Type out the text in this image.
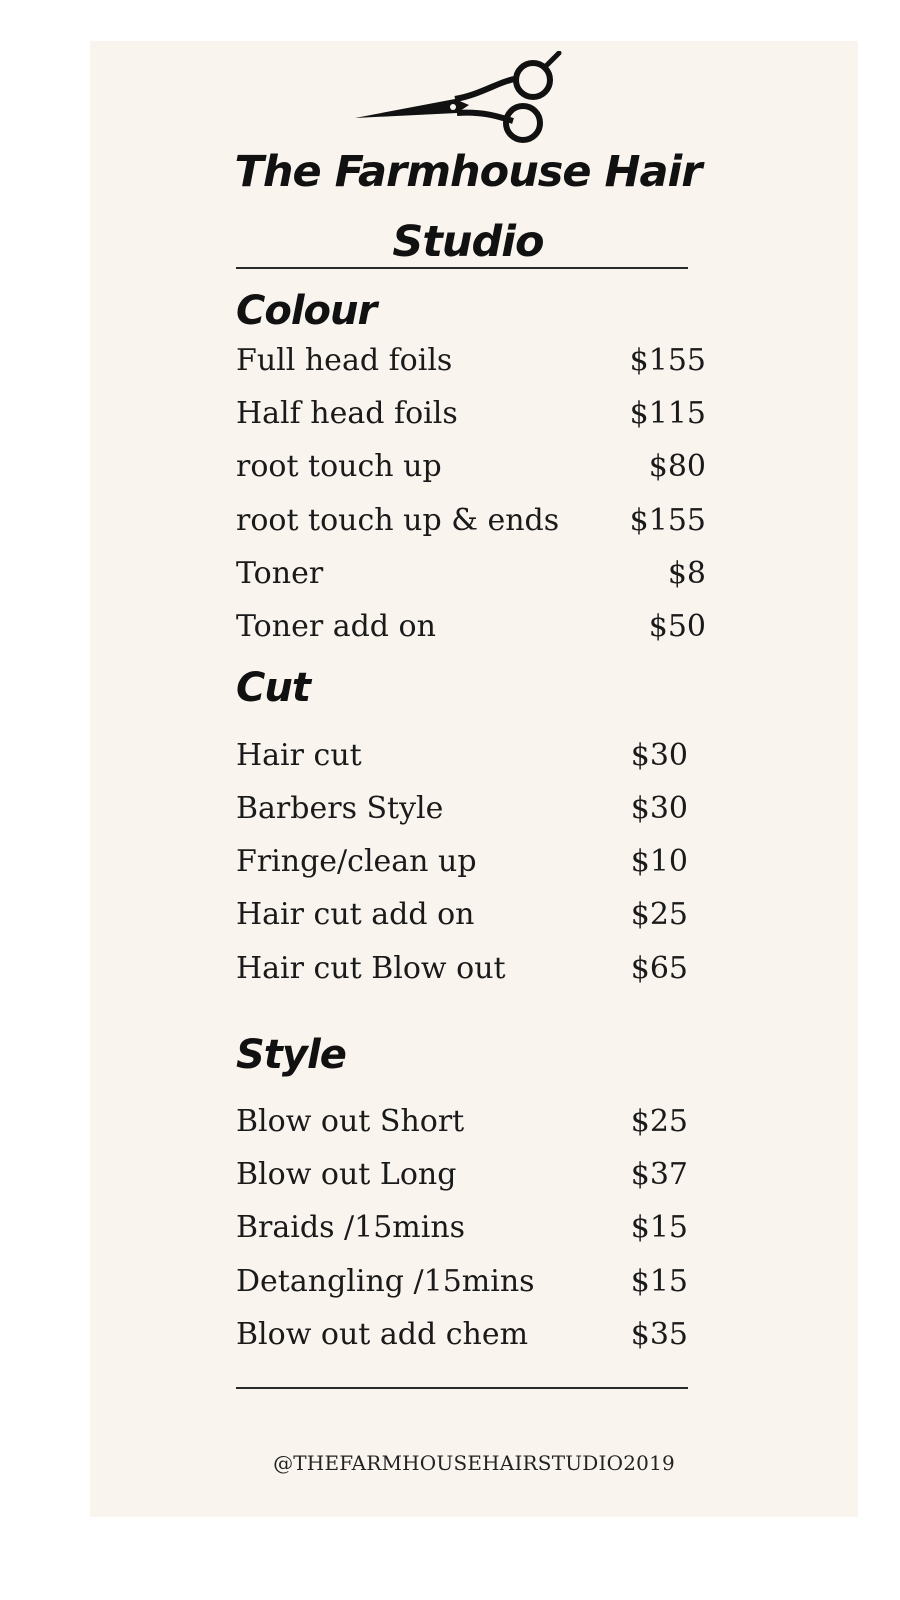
The Farmhouse Hair
Studio
Colour
Full head foils	$155
Half head foils	$115
root touch up	$80
root touch up & ends $155
Toner	$8
Toner add on	$50
Cut
Hair cut	$30
Barbers Style	$30
Fringe/clean up	$10
Hair cut add on	$25
Hair cut Blow out	$65
Style
Blow out Short	$25
Blow out Long	$37
Braids /15mins	$15
Detangling /15mins	$15
Blow out add chem	$35
@THEFARMHOUSEHAIRSTUDIO2019
